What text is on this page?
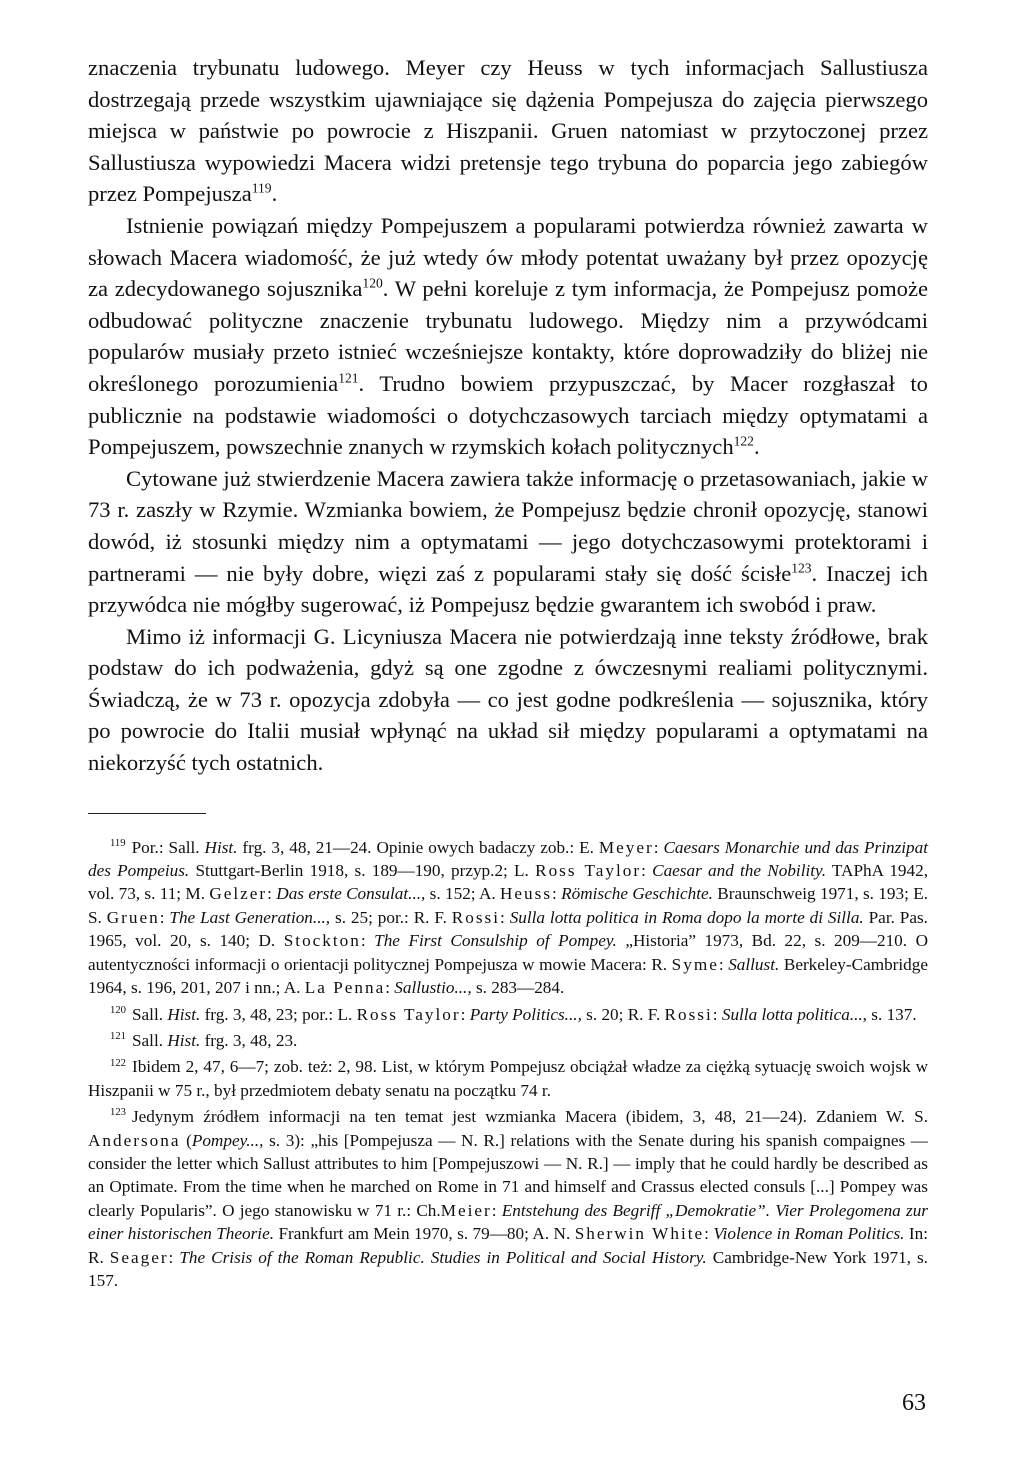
znaczenia trybunatu ludowego. Meyer czy Heuss w tych informacjach Sallustiusza dostrzegają przede wszystkim ujawniające się dążenia Pompejusza do zajęcia pierwszego miejsca w państwie po powrocie z Hiszpanii. Gruen natomiast w przytoczonej przez Sallustiusza wypowiedzi Macera widzi pretensje tego trybuna do poparcia jego zabiegów przez Pompejusza$^{119}$.

Istnienie powiązań między Pompejuszem a popularami potwierdza również zawarta w słowach Macera wiadomość, że już wtedy ów młody potentat uważany był przez opozycję za zdecydowanego sojusznika$^{120}$. W pełni koreluje z tym informacja, że Pompejusz pomoże odbudować polityczne znaczenie trybunatu ludowego. Między nim a przywódcami popularów musiały przeto istnieć wcześniejsze kontakty, które doprowadziły do bliżej nie określonego porozumienia$^{121}$. Trudno bowiem przypuszczać, by Macer rozgłaszał to publicznie na podstawie wiadomości o dotychczasowych tarciach między optymatami a Pompejuszem, powszechnie znanych w rzymskich kołach politycznych$^{122}$.

Cytowane już stwierdzenie Macera zawiera także informację o przetasowaniach, jakie w 73 r. zaszły w Rzymie. Wzmianka bowiem, że Pompejusz będzie chronił opozycję, stanowi dowód, iż stosunki między nim a optymatami — jego dotychczasowymi protektorami i partnerami — nie były dobre, więzi zaś z popularami stały się dość ścisłe$^{123}$. Inaczej ich przywódca nie mógłby sugerować, iż Pompejusz będzie gwarantem ich swobód i praw.

Mimo iż informacji G. Licyniusza Macera nie potwierdzają inne teksty źródłowe, brak podstaw do ich podważenia, gdyż są one zgodne z ówczesnymi realiami politycznymi. Świadczą, że w 73 r. opozycja zdobyła — co jest godne podkreślenia — sojusznika, który po powrocie do Italii musiał wpłynąć na układ sił między popularami a optymatami na niekorzyść tych ostatnich.

$^{119}$ Por.: Sall. Hist. frg. 3, 48, 21—24. Opinie owych badaczy zob.: E. Meyer: Caesars Monarchie und das Prinzipat des Pompeius. Stuttgart-Berlin 1918, s. 189—190, przyp.2; L. Ross Taylor: Caesar and the Nobility. TAPhA 1942, vol. 73, s. 11; M. Gelzer: Das erste Consulat..., s. 152; A. Heuss: Römische Geschichte. Braunschweig 1971, s. 193; E. S. Gruen: The Last Generation..., s. 25; por.: R. F. Rossi: Sulla lotta politica in Roma dopo la morte di Silla. Par. Pas. 1965, vol. 20, s. 140; D. Stockton: The First Consulship of Pompey. „Historia” 1973, Bd. 22, s. 209—210. O autentyczności informacji o orientacji politycznej Pompejusza w mowie Macera: R. Syme: Sallust. Berkeley-Cambridge 1964, s. 196, 201, 207 i nn.; A. La Penna: Sallustio..., s. 283—284.

$^{120}$ Sall. Hist. frg. 3, 48, 23; por.: L. Ross Taylor: Party Politics..., s. 20; R. F. Rossi: Sulla lotta politica..., s. 137.

$^{121}$ Sall. Hist. frg. 3, 48, 23.

$^{122}$ Ibidem 2, 47, 6—7; zob. też: 2, 98. List, w którym Pompejusz obciążał władze za ciężką sytuację swoich wojsk w Hiszpanii w 75 r., był przedmiotem debaty senatu na początku 74 r.

$^{123}$ Jedynym źródłem informacji na ten temat jest wzmianka Macera (ibidem, 3, 48, 21—24). Zdaniem W. S. Andersona (Pompey..., s. 3): „his [Pompejusza — N. R.] relations with the Senate during his spanish compaignes — consider the letter which Sallust attributes to him [Pompejuszowi — N. R.] — imply that he could hardly be described as an Optimate. From the time when he marched on Rome in 71 and himself and Crassus elected consuls [...] Pompey was clearly Popularis”. O jego stanowisku w 71 r.: Ch.Meier: Entstehung des Begriff „Demokratie”. Vier Prolegomena zur einer historischen Theorie. Frankfurt am Mein 1970, s. 79—80; A. N. Sherwin White: Violence in Roman Politics. In: R. Seager: The Crisis of the Roman Republic. Studies in Political and Social History. Cambridge-New York 1971, s. 157.

63
